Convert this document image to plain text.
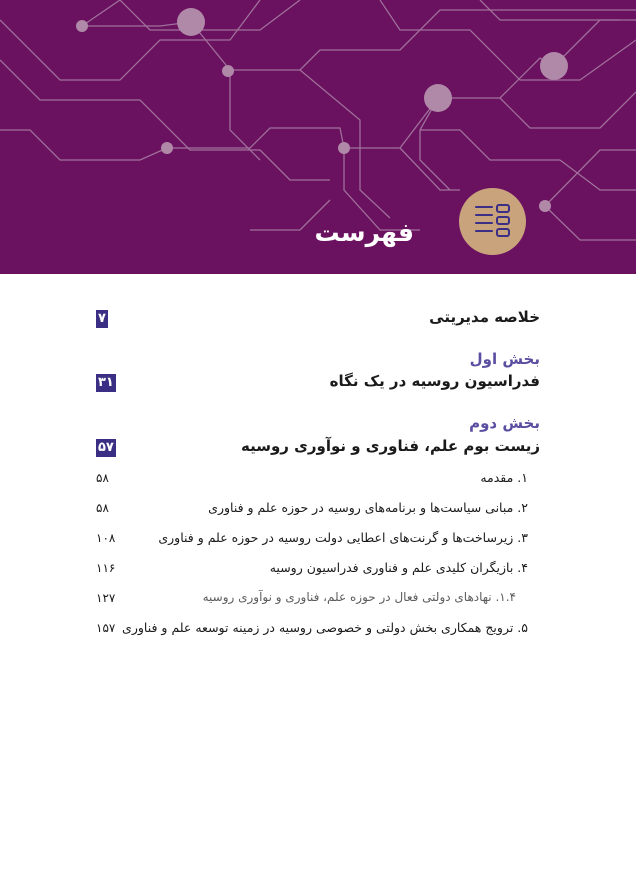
فهرست
خلاصه مدیریتی
۷
بخش اول
فدراسیون روسیه در یک نگاه
۳۱
بخش دوم
زیست بوم علم، فناوری و نوآوری روسیه
۵۷
۱. مقدمه
۵۸
۲. مبانی سیاست‌ها و برنامه‌های روسیه در حوزه علم و فناوری
۵۸
۳. زیرساخت‌ها و گرنت‌های اعطایی دولت روسیه در حوزه علم و فناوری
۱۰۸
۴. بازیگران کلیدی علم و فناوری فدراسیون روسیه
۱۱۶
۱.۴. نهادهای دولتی فعال در حوزه علم، فناوری و نوآوری روسیه
۱۲۷
۵. ترویج همکاری بخش دولتی و خصوصی روسیه در زمینه توسعه علم و فناوری
۱۵۷
